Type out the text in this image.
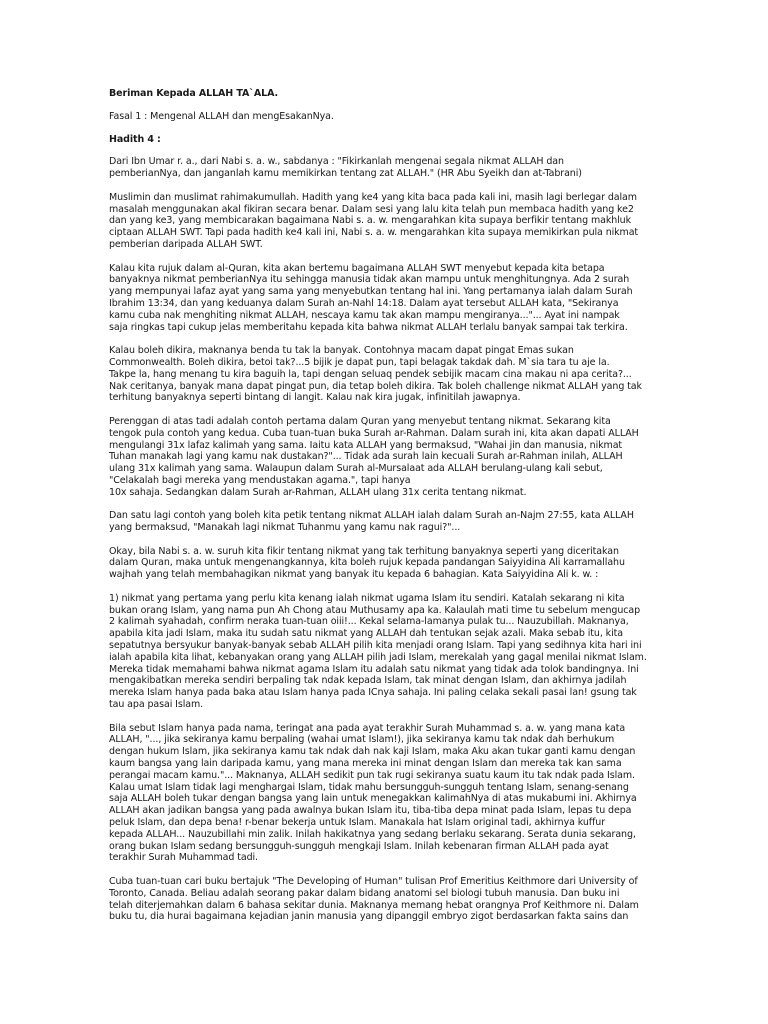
Beriman Kepada ALLAH TA`ALA.
Fasal 1 : Mengenal ALLAH dan mengEsakanNya.
Hadith 4 :
Dari Ibn Umar r. a., dari Nabi s. a. w., sabdanya : "Fikirkanlah mengenai segala nikmat ALLAH dan
pemberianNya, dan janganlah kamu memikirkan tentang zat ALLAH." (HR Abu Syeikh dan at-Tabrani)
Muslimin dan muslimat rahimakumullah. Hadith yang ke4 yang kita baca pada kali ini, masih lagi berlegar dalam
masalah menggunakan akal fikiran secara benar. Dalam sesi yang lalu kita telah pun membaca hadith yang ke2
dan yang ke3, yang membicarakan bagaimana Nabi s. a. w. mengarahkan kita supaya berfikir tentang makhluk
ciptaan ALLAH SWT. Tapi pada hadith ke4 kali ini, Nabi s. a. w. mengarahkan kita supaya memikirkan pula nikmat
pemberian daripada ALLAH SWT.
Kalau kita rujuk dalam al-Quran, kita akan bertemu bagaimana ALLAH SWT menyebut kepada kita betapa
banyaknya nikmat pemberianNya itu sehingga manusia tidak akan mampu untuk menghitungnya. Ada 2 surah
yang mempunyai lafaz ayat yang sama yang menyebutkan tentang hal ini. Yang pertamanya ialah dalam Surah
Ibrahim 13:34, dan yang keduanya dalam Surah an-Nahl 14:18. Dalam ayat tersebut ALLAH kata, "Sekiranya
kamu cuba nak menghiting nikmat ALLAH, nescaya kamu tak akan mampu mengiranya..."... Ayat ini nampak
saja ringkas tapi cukup jelas memberitahu kepada kita bahwa nikmat ALLAH terlalu banyak sampai tak terkira.
Kalau boleh dikira, maknanya benda tu tak la banyak. Contohnya macam dapat pingat Emas sukan
Commonwealth. Boleh dikira, betoi tak?...5 bijik je dapat pun, tapi belagak takdak dah. M`sia tara tu aje la.
Takpe la, hang menang tu kira baguih la, tapi dengan seluaq pendek sebijik macam cina makau ni apa cerita?...
Nak ceritanya, banyak mana dapat pingat pun, dia tetap boleh dikira. Tak boleh challenge nikmat ALLAH yang tak
terhitung banyaknya seperti bintang di langit. Kalau nak kira jugak, infinitilah jawapnya.
Perenggan di atas tadi adalah contoh pertama dalam Quran yang menyebut tentang nikmat. Sekarang kita
tengok pula contoh yang kedua. Cuba tuan-tuan buka Surah ar-Rahman. Dalam surah ini, kita akan dapati ALLAH
mengulangi 31x lafaz kalimah yang sama. Iaitu kata ALLAH yang bermaksud, "Wahai jin dan manusia, nikmat
Tuhan manakah lagi yang kamu nak dustakan?"... Tidak ada surah lain kecuali Surah ar-Rahman inilah, ALLAH
ulang 31x kalimah yang sama. Walaupun dalam Surah al-Mursalaat ada ALLAH berulang-ulang kali sebut,
"Celakalah bagi mereka yang mendustakan agama.", tapi hanya
10x sahaja. Sedangkan dalam Surah ar-Rahman, ALLAH ulang 31x cerita tentang nikmat.
Dan satu lagi contoh yang boleh kita petik tentang nikmat ALLAH ialah dalam Surah an-Najm 27:55, kata ALLAH
yang bermaksud, "Manakah lagi nikmat Tuhanmu yang kamu nak ragui?"...
Okay, bila Nabi s. a. w. suruh kita fikir tentang nikmat yang tak terhitung banyaknya seperti yang diceritakan
dalam Quran, maka untuk mengenangkannya, kita boleh rujuk kepada pandangan Saiyyidina Ali karramallahu
wajhah yang telah membahagikan nikmat yang banyak itu kepada 6 bahagian. Kata Saiyyidina Ali k. w. :
1) nikmat yang pertama yang perlu kita kenang ialah nikmat ugama Islam itu sendiri. Katalah sekarang ni kita
bukan orang Islam, yang nama pun Ah Chong atau Muthusamy apa ka. Kalaulah mati time tu sebelum mengucap
2 kalimah syahadah, confirm neraka tuan-tuan oiii!... Kekal selama-lamanya pulak tu... Nauzubillah. Maknanya,
apabila kita jadi Islam, maka itu sudah satu nikmat yang ALLAH dah tentukan sejak azali. Maka sebab itu, kita
sepatutnya bersyukur banyak-banyak sebab ALLAH pilih kita menjadi orang Islam. Tapi yang sedihnya kita hari ini
ialah apabila kita lihat, kebanyakan orang yang ALLAH pilih jadi Islam, merekalah yang gagal menilai nikmat Islam.
Mereka tidak memahami bahwa nikmat agama Islam itu adalah satu nikmat yang tidak ada tolok bandingnya. Ini
mengakibatkan mereka sendiri berpaling tak ndak kepada Islam, tak minat dengan Islam, dan akhirnya jadilah
mereka Islam hanya pada baka atau Islam hanya pada ICnya sahaja. Ini paling celaka sekali pasai lan! gsung tak
tau apa pasai Islam.
Bila sebut Islam hanya pada nama, teringat ana pada ayat terakhir Surah Muhammad s. a. w. yang mana kata
ALLAH, "..., jika sekiranya kamu berpaling (wahai umat Islam!), jika sekiranya kamu tak ndak dah berhukum
dengan hukum Islam, jika sekiranya kamu tak ndak dah nak kaji Islam, maka Aku akan tukar ganti kamu dengan
kaum bangsa yang lain daripada kamu, yang mana mereka ini minat dengan Islam dan mereka tak kan sama
perangai macam kamu."... Maknanya, ALLAH sedikit pun tak rugi sekiranya suatu kaum itu tak ndak pada Islam.
Kalau umat Islam tidak lagi menghargai Islam, tidak mahu bersungguh-sungguh tentang Islam, senang-senang
saja ALLAH boleh tukar dengan bangsa yang lain untuk menegakkan kalimahNya di atas mukabumi ini. Akhirnya
ALLAH akan jadikan bangsa yang pada awalnya bukan Islam itu, tiba-tiba depa minat pada Islam, lepas tu depa
peluk Islam, dan depa bena! r-benar bekerja untuk Islam. Manakala hat Islam original tadi, akhirnya kuffur
kepada ALLAH... Nauzubillahi min zalik. Inilah hakikatnya yang sedang berlaku sekarang. Serata dunia sekarang,
orang bukan Islam sedang bersungguh-sungguh mengkaji Islam. Inilah kebenaran firman ALLAH pada ayat
terakhir Surah Muhammad tadi.
Cuba tuan-tuan cari buku bertajuk "The Developing of Human" tulisan Prof Emeritius Keithmore dari University of
Toronto, Canada. Beliau adalah seorang pakar dalam bidang anatomi sel biologi tubuh manusia. Dan buku ini
telah diterjemahkan dalam 6 bahasa sekitar dunia. Maknanya memang hebat orangnya Prof Keithmore ni. Dalam
buku tu, dia hurai bagaimana kejadian janin manusia yang dipanggil embryo zigot berdasarkan fakta sains dan
